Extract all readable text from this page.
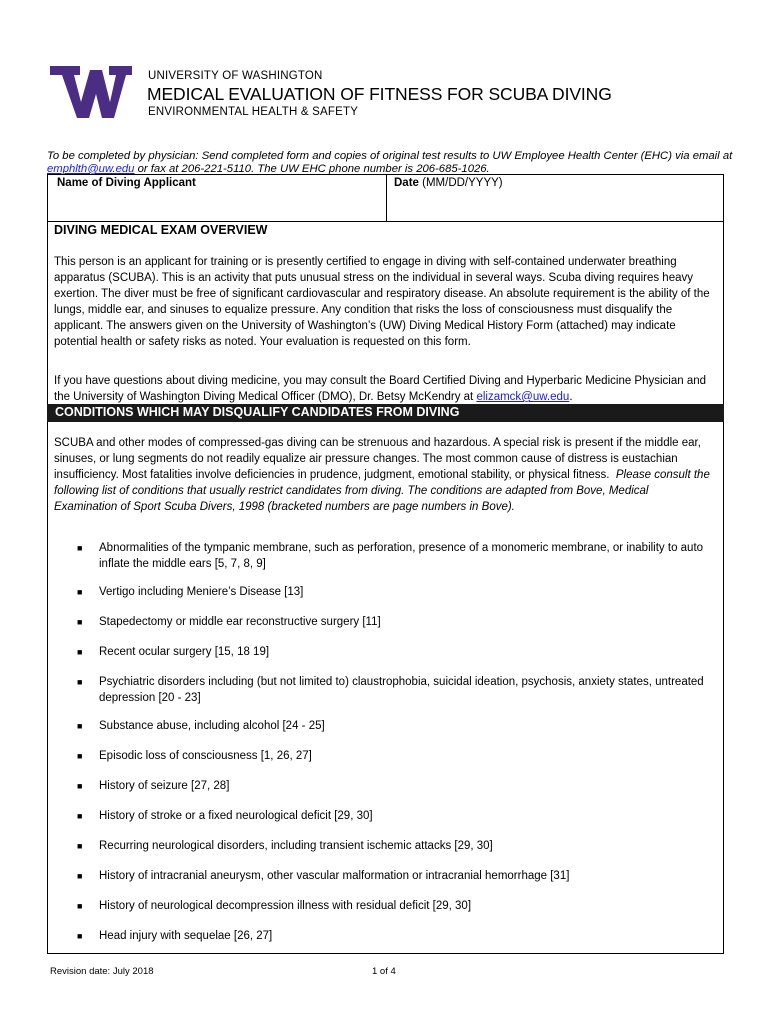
UNIVERSITY OF WASHINGTON
MEDICAL EVALUATION OF FITNESS FOR SCUBA DIVING
ENVIRONMENTAL HEALTH & SAFETY
To be completed by physician: Send completed form and copies of original test results to UW Employee Health Center (EHC) via email at emphlth@uw.edu or fax at 206-221-5110. The UW EHC phone number is 206-685-1026.
Name of Diving Applicant	Date (MM/DD/YYYY)
DIVING MEDICAL EXAM OVERVIEW
This person is an applicant for training or is presently certified to engage in diving with self-contained underwater breathing apparatus (SCUBA). This is an activity that puts unusual stress on the individual in several ways. Scuba diving requires heavy exertion. The diver must be free of significant cardiovascular and respiratory disease. An absolute requirement is the ability of the lungs, middle ear, and sinuses to equalize pressure. Any condition that risks the loss of consciousness must disqualify the applicant. The answers given on the University of Washington’s (UW) Diving Medical History Form (attached) may indicate potential health or safety risks as noted. Your evaluation is requested on this form.
If you have questions about diving medicine, you may consult the Board Certified Diving and Hyperbaric Medicine Physician and the University of Washington Diving Medical Officer (DMO), Dr. Betsy McKendry at elizamck@uw.edu.
CONDITIONS WHICH MAY DISQUALIFY CANDIDATES FROM DIVING
SCUBA and other modes of compressed-gas diving can be strenuous and hazardous. A special risk is present if the middle ear, sinuses, or lung segments do not readily equalize air pressure changes. The most common cause of distress is eustachian insufficiency. Most fatalities involve deficiencies in prudence, judgment, emotional stability, or physical fitness. Please consult the following list of conditions that usually restrict candidates from diving. The conditions are adapted from Bove, Medical Examination of Sport Scuba Divers, 1998 (bracketed numbers are page numbers in Bove).
■ Abnormalities of the tympanic membrane, such as perforation, presence of a monomeric membrane, or inability to auto inflate the middle ears [5, 7, 8, 9]
■ Vertigo including Meniere’s Disease [13]
■ Stapedectomy or middle ear reconstructive surgery [11]
■ Recent ocular surgery [15, 18 19]
■ Psychiatric disorders including (but not limited to) claustrophobia, suicidal ideation, psychosis, anxiety states, untreated depression [20 - 23]
■ Substance abuse, including alcohol [24 - 25]
■ Episodic loss of consciousness [1, 26, 27]
■ History of seizure [27, 28]
■ History of stroke or a fixed neurological deficit [29, 30]
■ Recurring neurological disorders, including transient ischemic attacks [29, 30]
■ History of intracranial aneurysm, other vascular malformation or intracranial hemorrhage [31]
■ History of neurological decompression illness with residual deficit [29, 30]
■ Head injury with sequelae [26, 27]
Revision date: July 2018	1 of 4
